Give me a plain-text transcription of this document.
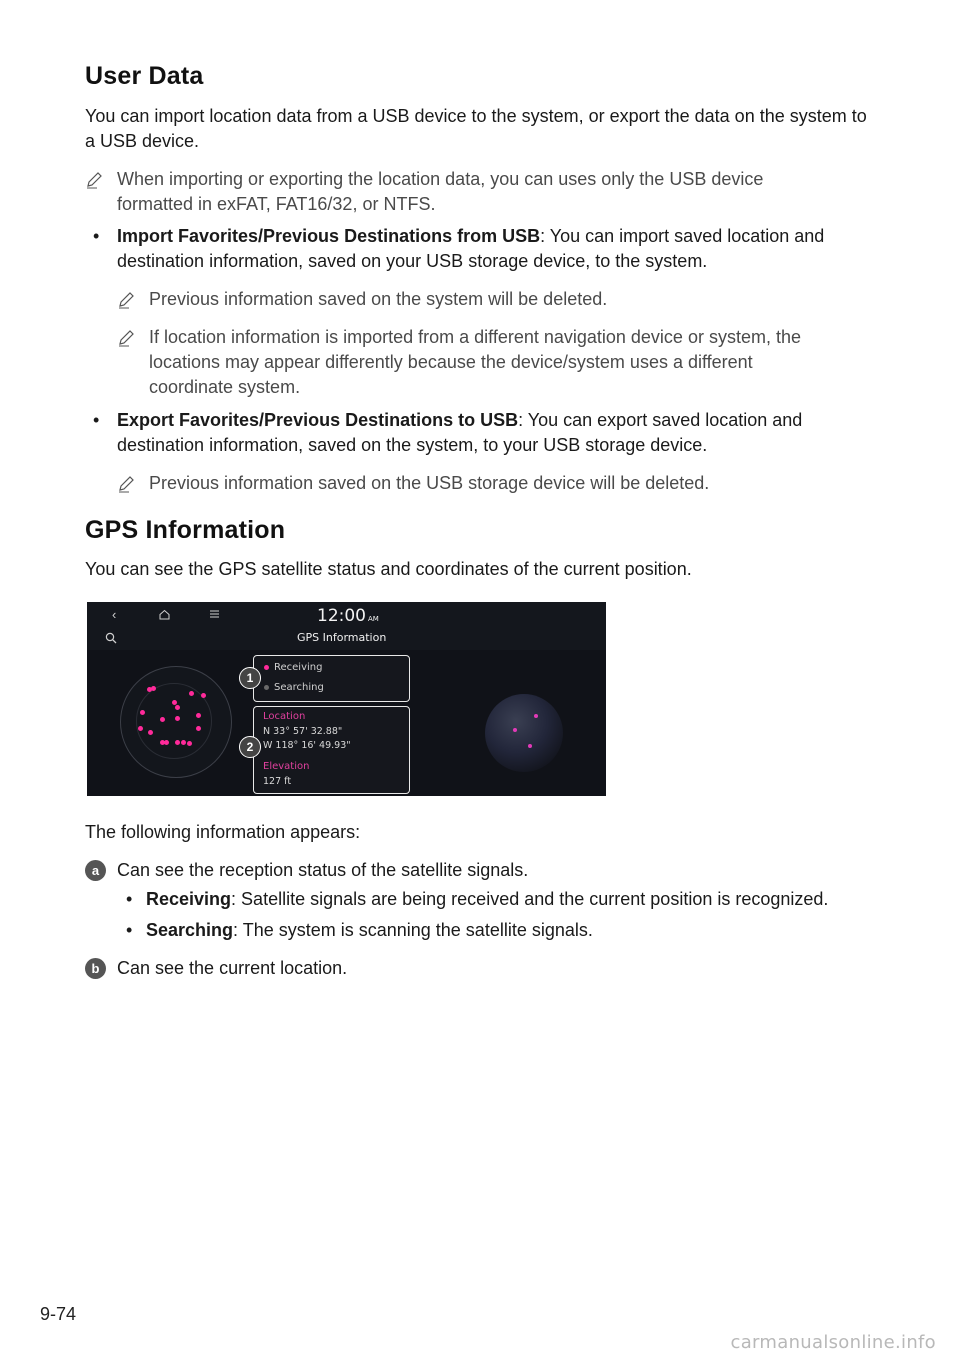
User Data
You can import location data from a USB device to the system, or export the data on the system to a USB device.
When importing or exporting the location data, you can uses only the USB device
formatted in exFAT, FAT16/32, or NTFS.
• Import Favorites/Previous Destinations from USB: You can import saved location and destination information, saved on your USB storage device, to the system.
Previous information saved on the system will be deleted.
If location information is imported from a different navigation device or system, the locations may appear differently because the device/system uses a different coordinate system.
• Export Favorites/Previous Destinations to USB: You can export saved location and destination information, saved on the system, to your USB storage device.
Previous information saved on the USB storage device will be deleted.
GPS Information
You can see the GPS satellite status and coordinates of the current position.
The following information appears:
a Can see the reception status of the satellite signals.
• Receiving: Satellite signals are being received and the current position is recognized.
• Searching: The system is scanning the satellite signals.
b Can see the current location.
‹	12:00 AM
GPS Information
Receiving
Searching
Location
N 33° 57' 32.88"
W 118° 16' 49.93"
Elevation
127 ft
1
2
9-74
carmanualsonline.info
